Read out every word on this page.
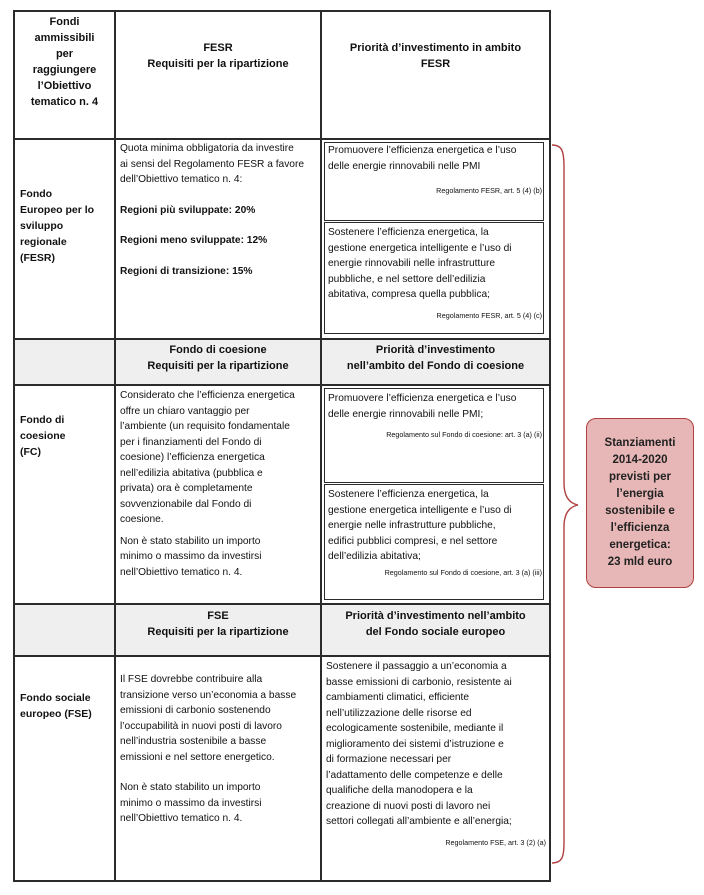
Fondi
ammissibili
per
raggiungere
l’Obiettivo
tematico n. 4
FESR
Requisiti per la ripartizione
Priorità d’investimento in ambito
FESR
Fondo
Europeo per lo
sviluppo
regionale
(FESR)
Quota minima obbligatoria da investire
ai sensi del Regolamento FESR a favore
dell’Obiettivo tematico n. 4:
Regioni più sviluppate: 20%
Regioni meno sviluppate: 12%
Regioni di transizione: 15%
Promuovere l’efficienza energetica e l’uso
delle energie rinnovabili nelle PMI
Regolamento FESR, art. 5 (4) (b)
Sostenere l’efficienza energetica, la
gestione energetica intelligente e l’uso di
energie rinnovabili nelle infrastrutture
pubbliche, e nel settore dell’edilizia
abitativa, compresa quella pubblica;
Regolamento FESR, art. 5 (4) (c)
Fondo di coesione
Requisiti per la ripartizione
Priorità d’investimento
nell’ambito del Fondo di coesione
Fondo di
coesione
(FC)
Considerato che l’efficienza energetica
offre un chiaro vantaggio per
l’ambiente (un requisito fondamentale
per i finanziamenti del Fondo di
coesione) l’efficienza energetica
nell’edilizia abitativa (pubblica e
privata) ora è completamente
sovvenzionabile dal Fondo di
coesione.
Non è stato stabilito un importo
minimo o massimo da investirsi
nell’Obiettivo tematico n. 4.
Promuovere l’efficienza energetica e l’uso
delle energie rinnovabili nelle PMI;
Regolamento sul Fondo di coesione: art. 3 (a) (ii)
Sostenere l’efficienza energetica, la
gestione energetica intelligente e l’uso di
energie nelle infrastrutture pubbliche,
edifici pubblici compresi, e nel settore
dell’edilizia abitativa;
Regolamento sul Fondo di coesione, art. 3 (a) (iii)
FSE
Requisiti per la ripartizione
Priorità d’investimento nell’ambito
del Fondo sociale europeo
Fondo sociale
europeo (FSE)
Il FSE dovrebbe contribuire alla
transizione verso un’economia a basse
emissioni di carbonio sostenendo
l’occupabilità in nuovi posti di lavoro
nell’industria sostenibile a basse
emissioni e nel settore energetico.
Non è stato stabilito un importo
minimo o massimo da investirsi
nell’Obiettivo tematico n. 4.
Sostenere il passaggio a un’economia a
basse emissioni di carbonio, resistente ai
cambiamenti climatici, efficiente
nell’utilizzazione delle risorse ed
ecologicamente sostenibile, mediante il
miglioramento dei sistemi d’istruzione e
di formazione necessari per
l’adattamento delle competenze e delle
qualifiche della manodopera e la
creazione di nuovi posti di lavoro nei
settori collegati all’ambiente e all’energia;
Regolamento FSE, art. 3 (2) (a)
Stanziamenti
2014-2020
previsti per
l’energia
sostenibile e
l’efficienza
energetica:
23 mld euro
